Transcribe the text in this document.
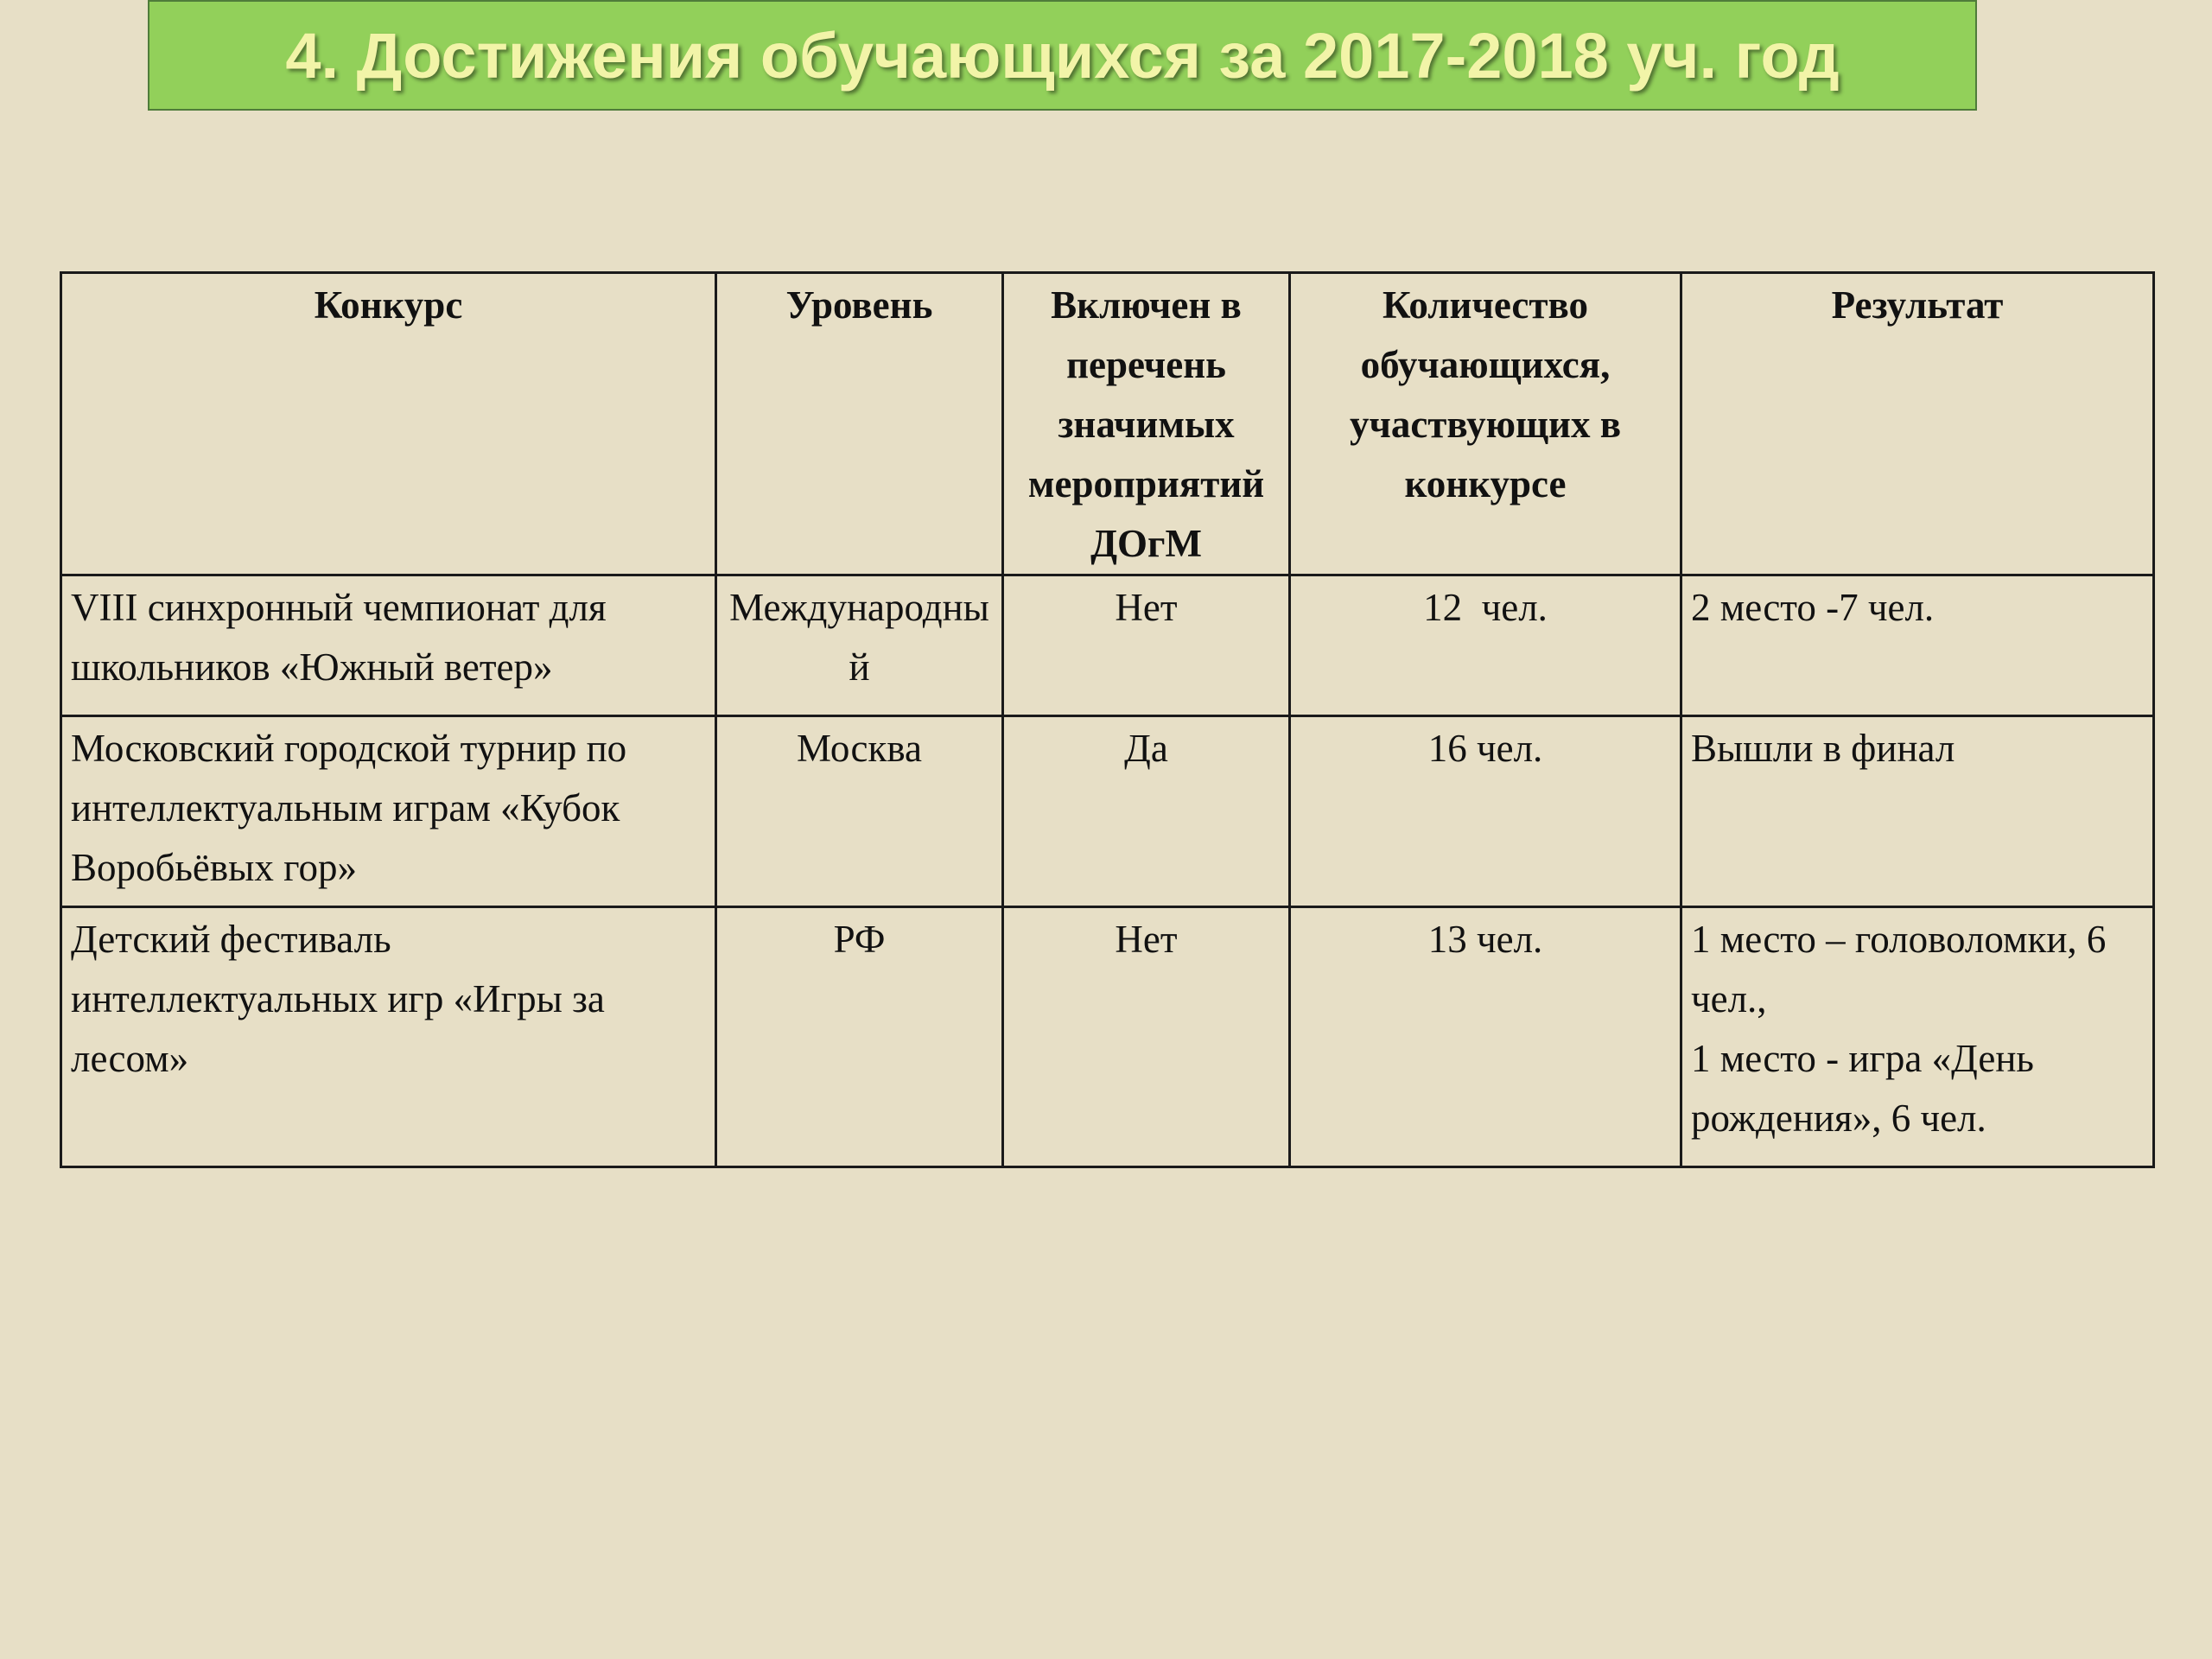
4. Достижения обучающихся за 2017-2018 уч. год
Конкурс	Уровень	Включен в перечень значимых мероприятий ДОгМ	Количество обучающихся, участвующих в конкурсе	Результат
VIII синхронный чемпионат для школьников «Южный ветер»	Международный	Нет	12  чел.	2 место -7 чел.

Московский городской турнир по интеллектуальным играм «Кубок Воробьёвых гор»	Москва	Да	16 чел.	Вышли в финал

Детский фестиваль интеллектуальных игр «Игры за лесом»	РФ	Нет	13 чел.	1 место – головоломки, 6 чел.,
1 место - игра «День рождения», 6 чел.
